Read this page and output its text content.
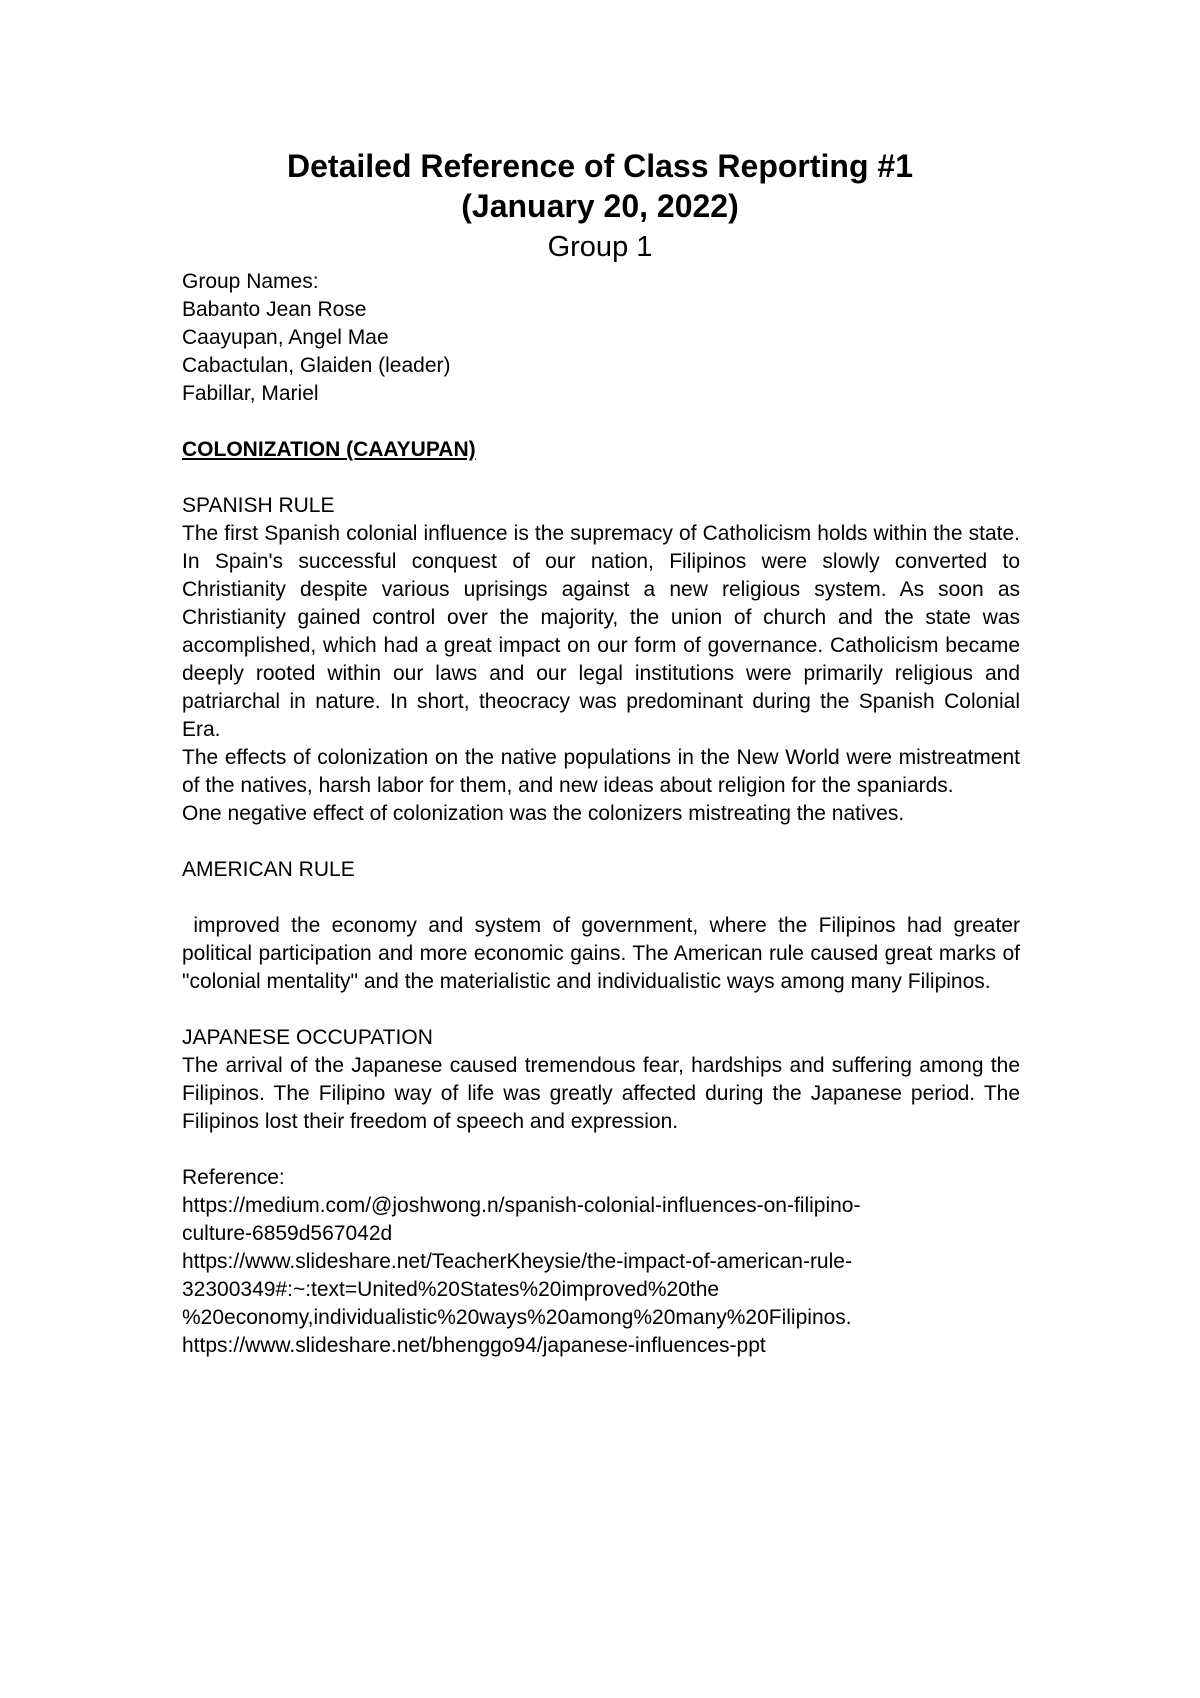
Detailed Reference of Class Reporting #1

(January 20, 2022)

Group 1

Group Names:

Babanto Jean Rose

Caayupan, Angel Mae

Cabactulan, Glaiden (leader)

Fabillar, Mariel

COLONIZATION (CAAYUPAN)

SPANISH RULE

The first Spanish colonial influence is the supremacy of Catholicism holds within the state. In Spain's successful conquest of our nation, Filipinos were slowly converted to Christianity despite various uprisings against a new religious system. As soon as Christianity gained control over the majority, the union of church and the state was accomplished, which had a great impact on our form of governance. Catholicism became deeply rooted within our laws and our legal institutions were primarily religious and patriarchal in nature. In short, theocracy was predominant during the Spanish Colonial Era.

The effects of colonization on the native populations in the New World were mistreatment of the natives, harsh labor for them, and new ideas about religion for the spaniards.

One negative effect of colonization was the colonizers mistreating the natives.

AMERICAN RULE

improved the economy and system of government, where the Filipinos had greater political participation and more economic gains. The American rule caused great marks of "colonial mentality" and the materialistic and individualistic ways among many Filipinos.

JAPANESE OCCUPATION

The arrival of the Japanese caused tremendous fear, hardships and suffering among the Filipinos. The Filipino way of life was greatly affected during the Japanese period. The Filipinos lost their freedom of speech and expression.

Reference:

https://medium.com/@joshwong.n/spanish-colonial-influences-on-filipino-

culture-6859d567042d

https://www.slideshare.net/TeacherKheysie/the-impact-of-american-rule-

32300349#:~:text=United%20States%20improved%20the

%20economy,individualistic%20ways%20among%20many%20Filipinos.

https://www.slideshare.net/bhenggo94/japanese-influences-ppt
